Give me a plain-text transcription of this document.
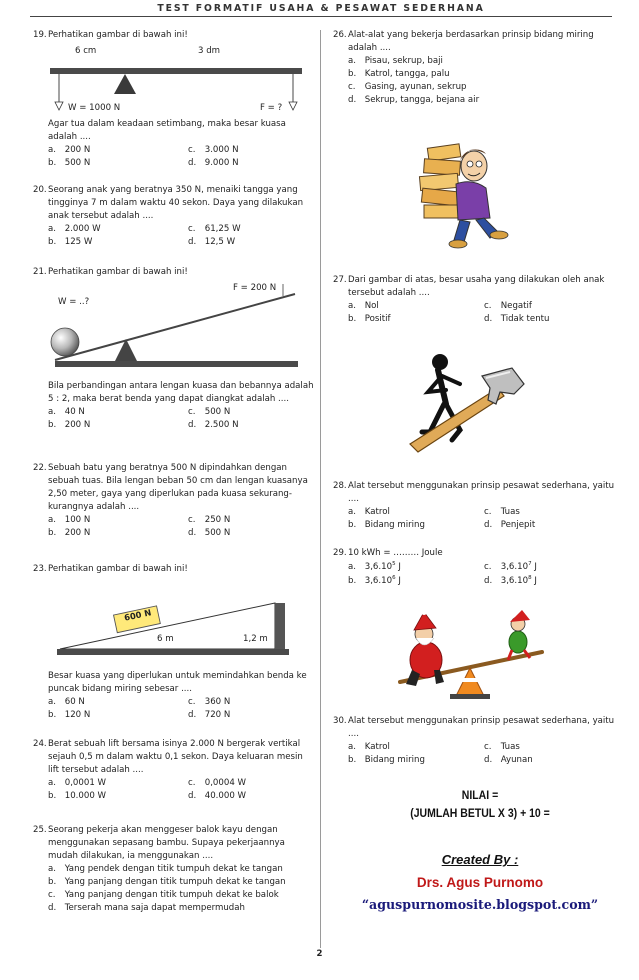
TEST FORMATIF USAHA & PESAWAT SEDERHANA

19.Perhatikan gambar di bawah ini!

6 cm	3 dm
W = 1000 N	F = ?

Agar tua dalam keadaan setimbang, maka besar kuasa adalah ....

a. 200 N	c. 3.000 N
b. 500 N	d. 9.000 N

20.Seorang anak yang beratnya 350 N, menaiki tangga yang tingginya 7 m dalam waktu 40 sekon. Daya yang dilakukan anak tersebut adalah ....

a. 2.000 W	c. 61,25 W
b. 125 W	d. 12,5 W

21.Perhatikan gambar di bawah ini!

F = 200 N
W = ..?

Bila perbandingan antara lengan kuasa dan bebannya adalah 5 : 2, maka berat benda yang dapat diangkat adalah ....

a. 40 N	c. 500 N
b. 200 N	d. 2.500 N

22.Sebuah batu yang beratnya 500 N dipindahkan dengan sebuah tuas. Bila lengan beban 50 cm dan lengan kuasanya 2,50 meter, gaya yang diperlukan pada kuasa sekurang-kurangnya adalah ....

a. 100 N	c. 250 N
b. 200 N	d. 500 N

23.Perhatikan gambar di bawah ini!

600 N
6 m	1,2 m

Besar kuasa yang diperlukan untuk memindahkan benda ke puncak bidang miring sebesar ....

a. 60 N	c. 360 N
b. 120 N	d. 720 N

24.Berat sebuah lift bersama isinya 2.000 N bergerak vertikal sejauh 0,5 m dalam waktu 0,1 sekon. Daya keluaran mesin lift tersebut adalah ....

a. 0,0001 W	c. 0,0004 W
b. 10.000 W	d. 40.000 W

25.Seorang pekerja akan menggeser balok kayu dengan menggunakan sepasang bambu. Supaya pekerjaannya mudah dilakukan, ia menggunakan ....

a. Yang pendek dengan titik tumpuh dekat ke tangan
b. Yang panjang dengan titik tumpuh dekat ke tangan
c. Yang panjang dengan titik tumpuh dekat ke balok
d. Terserah mana saja dapat mempermudah

26.Alat-alat yang bekerja berdasarkan prinsip bidang miring adalah ....

a. Pisau, sekrup, baji
b. Katrol, tangga, palu
c. Gasing, ayunan, sekrup
d. Sekrup, tangga, bejana air

27.Dari gambar di atas, besar usaha yang dilakukan oleh anak tersebut adalah ....

a. Nol	c. Negatif
b. Positif	d. Tidak tentu

28.Alat tersebut menggunakan prinsip pesawat sederhana, yaitu ....

a. Katrol	c. Tuas
b. Bidang miring	d. Penjepit

29.10 kWh = ……… Joule

a. 3,6.10$^5$ J	c. 3,6.10$^7$ J
b. 3,6.10$^6$ J	d. 3,6.10$^8$ J

30.Alat tersebut menggunakan prinsip pesawat sederhana, yaitu ....

a. Katrol	c. Tuas
b. Bidang miring	d. Ayunan
NILAI =
(JUMLAH BETUL X 3) + 10 =
Created By :
Drs. Agus Purnomo
“aguspurnomosite.blogspot.com”
2
